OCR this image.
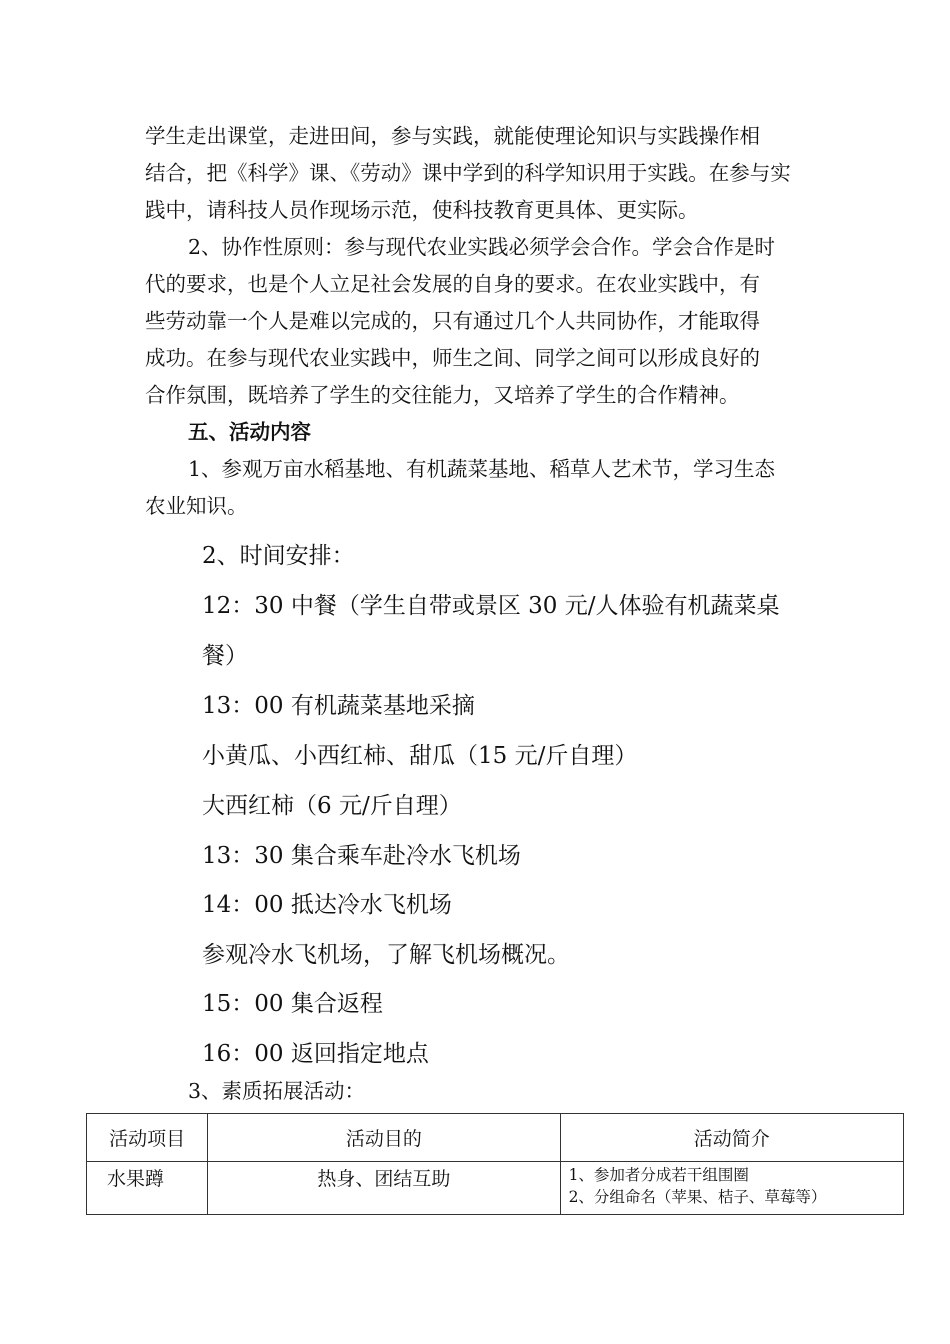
学生走出课堂，走进田间，参与实践，就能使理论知识与实践操作相
结合，把《科学》课、《劳动》课中学到的科学知识用于实践。在参与实
践中，请科技人员作现场示范，使科技教育更具体、更实际。
2、协作性原则：参与现代农业实践必须学会合作。学会合作是时
代的要求，也是个人立足社会发展的自身的要求。在农业实践中，有
些劳动靠一个人是难以完成的，只有通过几个人共同协作，才能取得
成功。在参与现代农业实践中，师生之间、同学之间可以形成良好的
合作氛围，既培养了学生的交往能力，又培养了学生的合作精神。
五、活动内容
1、参观万亩水稻基地、有机蔬菜基地、稻草人艺术节，学习生态
农业知识。
2、时间安排：
12：30 中餐（学生自带或景区 30 元/人体验有机蔬菜桌
餐）
13：00 有机蔬菜基地采摘
小黄瓜、小西红柿、甜瓜（15 元/斤自理）
大西红柿（6 元/斤自理）
13：30 集合乘车赴冷水飞机场
14：00 抵达冷水飞机场
参观冷水飞机场，了解飞机场概况。
15：00 集合返程
16：00 返回指定地点
3、素质拓展活动：
活动项目	活动目的	活动简介
水果蹲	热身、团结互助	1、参加者分成若干组围圈
2、分组命名（苹果、桔子、草莓等）
